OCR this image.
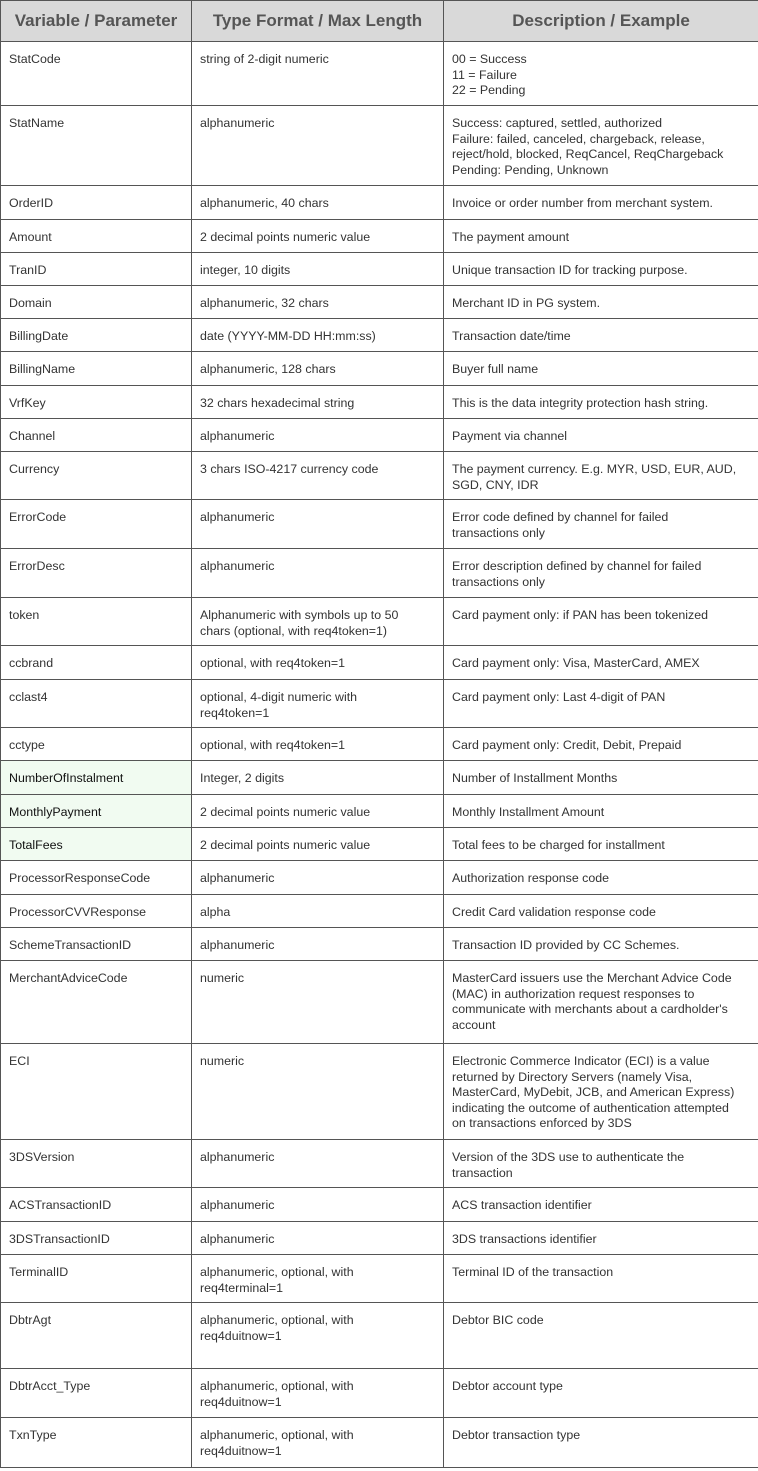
Variable / Parameter	Type Format / Max Length	Description / Example
StatCode	string of 2-digit numeric	00 = Success
11 = Failure
22 = Pending

StatName	alphanumeric	Success: captured, settled, authorized
Failure: failed, canceled, chargeback, release,
reject/hold, blocked, ReqCancel, ReqChargeback
Pending: Pending, Unknown

OrderID	alphanumeric, 40 chars	Invoice or order number from merchant system.

Amount	2 decimal points numeric value	The payment amount

TranID	integer, 10 digits	Unique transaction ID for tracking purpose.

Domain	alphanumeric, 32 chars	Merchant ID in PG system.

BillingDate	date (YYYY-MM-DD HH:mm:ss)	Transaction date/time

BillingName	alphanumeric, 128 chars	Buyer full name

VrfKey	32 chars hexadecimal string	This is the data integrity protection hash string.

Channel	alphanumeric	Payment via channel

Currency	3 chars ISO-4217 currency code	The payment currency. E.g. MYR, USD, EUR, AUD,
SGD, CNY, IDR

ErrorCode	alphanumeric	Error code defined by channel for failed
transactions only

ErrorDesc	alphanumeric	Error description defined by channel for failed
transactions only

token	Alphanumeric with symbols up to 50
chars (optional, with req4token=1)	Card payment only: if PAN has been tokenized

ccbrand	optional, with req4token=1	Card payment only: Visa, MasterCard, AMEX

cclast4	optional, 4-digit numeric with
req4token=1	Card payment only: Last 4-digit of PAN

cctype	optional, with req4token=1	Card payment only: Credit, Debit, Prepaid

NumberOfInstalment	Integer, 2 digits	Number of Installment Months

MonthlyPayment	2 decimal points numeric value	Monthly Installment Amount

TotalFees	2 decimal points numeric value	Total fees to be charged for installment

ProcessorResponseCode	alphanumeric	Authorization response code

ProcessorCVVResponse	alpha	Credit Card validation response code

SchemeTransactionID	alphanumeric	Transaction ID provided by CC Schemes.

MerchantAdviceCode	numeric	MasterCard issuers use the Merchant Advice Code
(MAC) in authorization request responses to
communicate with merchants about a cardholder's
account

ECI	numeric	Electronic Commerce Indicator (ECI) is a value
returned by Directory Servers (namely Visa,
MasterCard, MyDebit, JCB, and American Express)
indicating the outcome of authentication attempted
on transactions enforced by 3DS

3DSVersion	alphanumeric	Version of the 3DS use to authenticate the
transaction

ACSTransactionID	alphanumeric	ACS transaction identifier

3DSTransactionID	alphanumeric	3DS transactions identifier

TerminalID	alphanumeric, optional, with
req4terminal=1	Terminal ID of the transaction

DbtrAgt	alphanumeric, optional, with
req4duitnow=1	Debtor BIC code

DbtrAcct_Type	alphanumeric, optional, with
req4duitnow=1	Debtor account type

TxnType	alphanumeric, optional, with
req4duitnow=1	Debtor transaction type
